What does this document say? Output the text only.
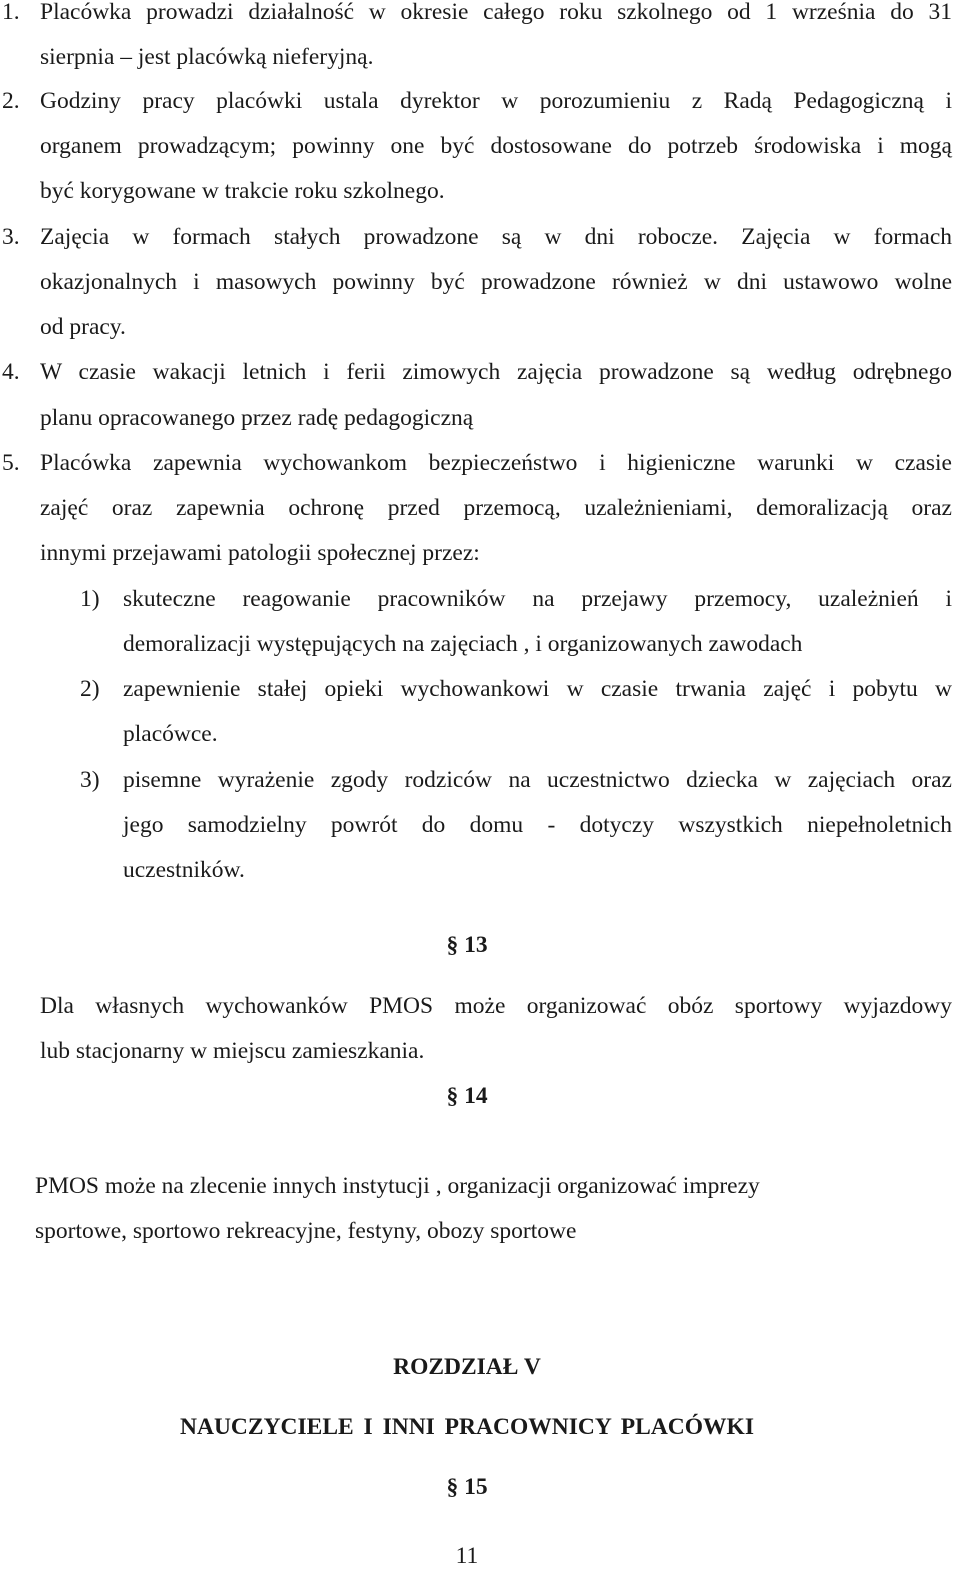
1. Placówka prowadzi działalność w okresie całego roku szkolnego od 1 września do 31
sierpnia – jest placówką nieferyjną.
2. Godziny pracy placówki ustala dyrektor w porozumieniu z Radą Pedagogiczną i
organem prowadzącym; powinny one być dostosowane do potrzeb środowiska i mogą
być korygowane w trakcie roku szkolnego.
3. Zajęcia w formach stałych prowadzone są w dni robocze. Zajęcia w formach
okazjonalnych i masowych powinny być prowadzone również w dni ustawowo wolne
od pracy.
4. W czasie wakacji letnich i ferii zimowych zajęcia prowadzone są według odrębnego
planu opracowanego przez radę pedagogiczną
5. Placówka zapewnia wychowankom bezpieczeństwo i higieniczne warunki w czasie
zajęć oraz zapewnia ochronę przed przemocą, uzależnieniami, demoralizacją oraz
innymi przejawami patologii społecznej przez:
1) skuteczne reagowanie pracowników na przejawy przemocy, uzależnień i
demoralizacji występujących na zajęciach , i organizowanych zawodach
2) zapewnienie stałej opieki wychowankowi w czasie trwania zajęć i pobytu w
placówce.
3) pisemne wyrażenie zgody rodziców na uczestnictwo dziecka w zajęciach oraz
jego samodzielny powrót do domu - dotyczy wszystkich niepełnoletnich
uczestników.
§ 13
Dla własnych wychowanków PMOS może organizować obóz sportowy wyjazdowy
lub stacjonarny w miejscu zamieszkania.
§ 14
PMOS może na zlecenie innych instytucji , organizacji organizować imprezy
sportowe, sportowo rekreacyjne, festyny, obozy sportowe
ROZDZIAŁ V
NAUCZYCIELE I INNI PRACOWNICY PLACÓWKI
§ 15
11
